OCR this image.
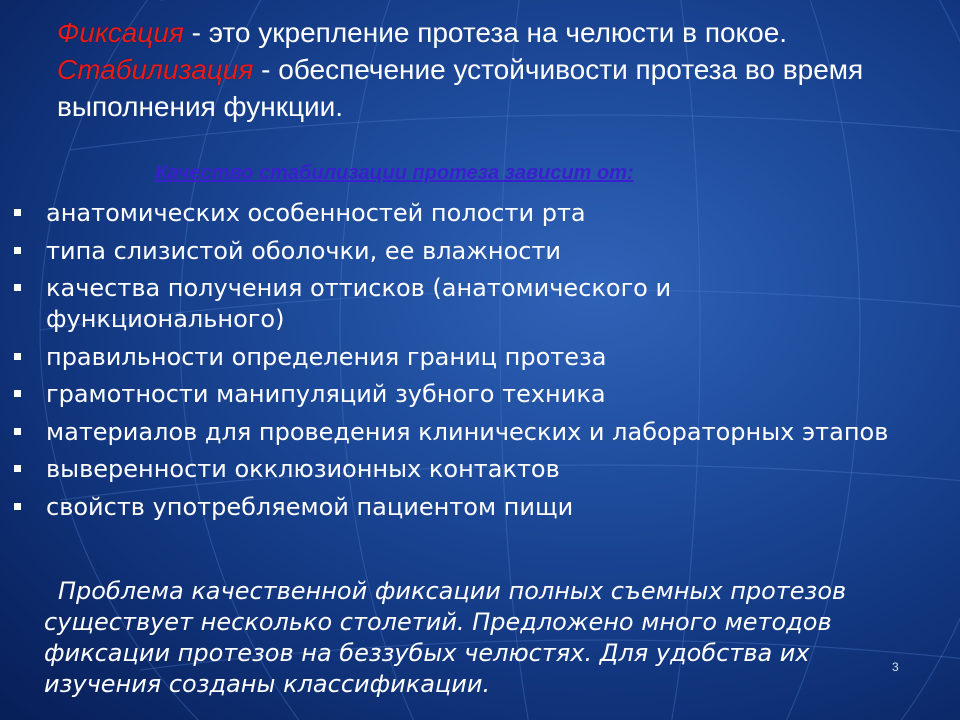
Фиксация - это укрепление протеза на челюсти в покое.

Стабилизация - обеспечение устойчивости протеза во время выполнения функции.

Качество стабилизации протеза зависит от:

анатомических особенностей полости рта
типа слизистой оболочки, ее влажности
качества получения оттисков (анатомического и функционального)
правильности определения границ протеза
грамотности манипуляций зубного техника
материалов для проведения клинических и лабораторных этапов
выверенности окклюзионных контактов
свойств употребляемой пациентом пищи

Проблема качественной фиксации полных съемных протезов существует несколько столетий. Предложено много методов фиксации протезов на беззубых челюстях. Для удобства их изучения созданы классификации.

3
